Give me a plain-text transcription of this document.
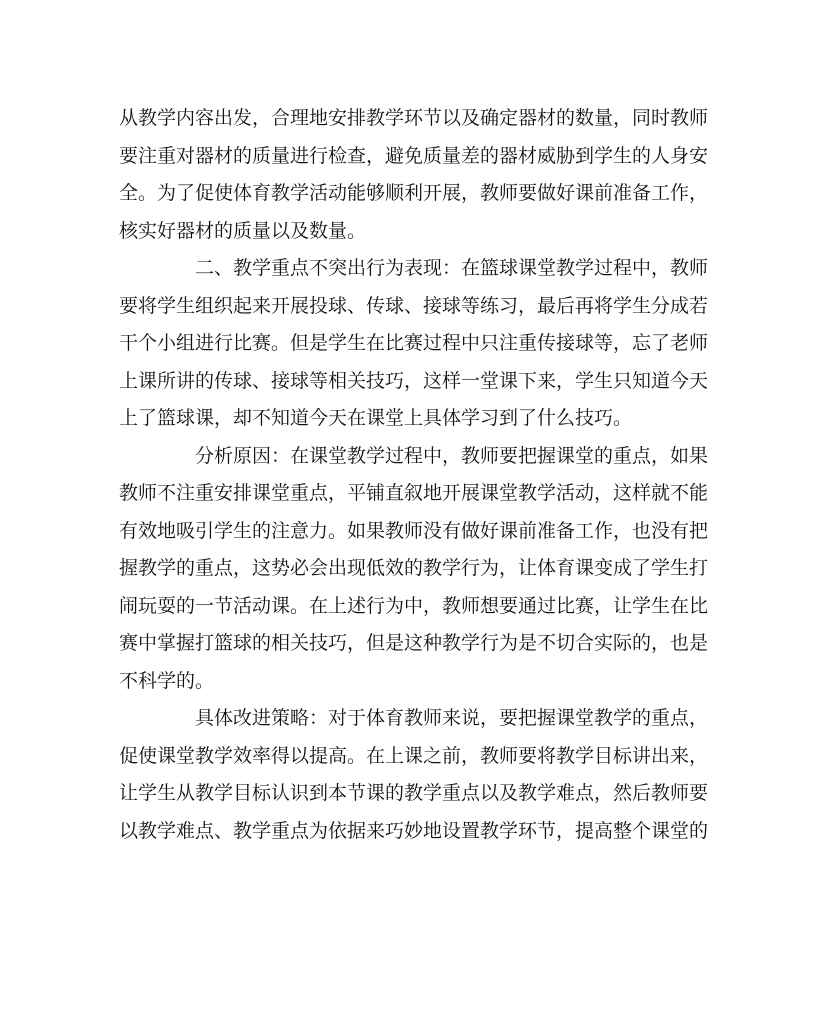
从教学内容出发，合理地安排教学环节以及确定器材的数量，同时教师
要注重对器材的质量进行检查，避免质量差的器材威胁到学生的人身安
全。为了促使体育教学活动能够顺利开展，教师要做好课前准备工作，
核实好器材的质量以及数量。
二、教学重点不突出行为表现：在篮球课堂教学过程中，教师
要将学生组织起来开展投球、传球、接球等练习，最后再将学生分成若
干个小组进行比赛。但是学生在比赛过程中只注重传接球等，忘了老师
上课所讲的传球、接球等相关技巧，这样一堂课下来，学生只知道今天
上了篮球课，却不知道今天在课堂上具体学习到了什么技巧。
分析原因：在课堂教学过程中，教师要把握课堂的重点，如果
教师不注重安排课堂重点，平铺直叙地开展课堂教学活动，这样就不能
有效地吸引学生的注意力。如果教师没有做好课前准备工作，也没有把
握教学的重点，这势必会出现低效的教学行为，让体育课变成了学生打
闹玩耍的一节活动课。在上述行为中，教师想要通过比赛，让学生在比
赛中掌握打篮球的相关技巧，但是这种教学行为是不切合实际的，也是
不科学的。
具体改进策略：对于体育教师来说，要把握课堂教学的重点，
促使课堂教学效率得以提高。在上课之前，教师要将教学目标讲出来，
让学生从教学目标认识到本节课的教学重点以及教学难点，然后教师要
以教学难点、教学重点为依据来巧妙地设置教学环节，提高整个课堂的
